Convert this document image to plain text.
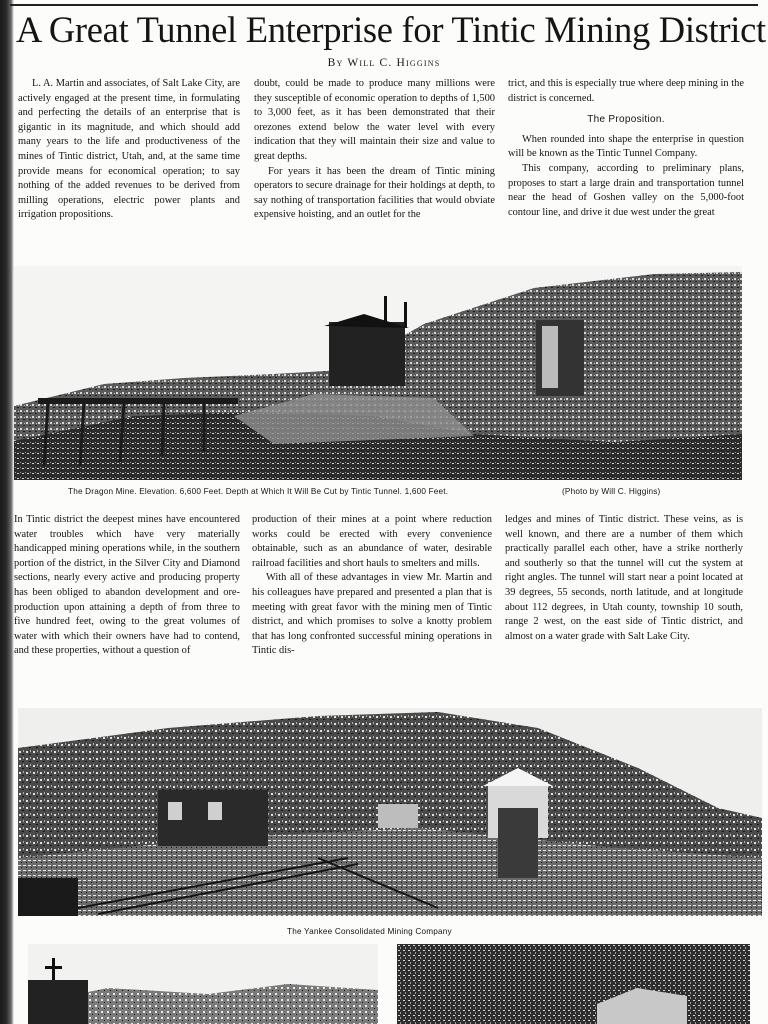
A Great Tunnel Enterprise for Tintic Mining District
By Will C. Higgins

L. A. Martin and associates, of Salt Lake City, are actively engaged at the present time, in formulating and perfecting the details of an enterprise that is gigantic in its magnitude, and which should add many years to the life and productiveness of the mines of Tintic district, Utah, and, at the same time provide means for economical operation; to say nothing of the added revenues to be derived from milling operations, electric power plants and irrigation propositions.

doubt, could be made to produce many millions were they susceptible of economic operation to depths of 1,500 to 3,000 feet, as it has been demonstrated that their orezones extend below the water level with every indication that they will maintain their size and value to great depths.

For years it has been the dream of Tintic mining operators to secure drainage for their holdings at depth, to say nothing of transportation facilities that would obviate expensive hoisting, and an outlet for the

trict, and this is especially true where deep mining in the district is concerned.

The Proposition.

When rounded into shape the enterprise in question will be known as the Tintic Tunnel Company.

This company, according to preliminary plans, proposes to start a large drain and transportation tunnel near the head of Goshen valley on the 5,000-foot contour line, and drive it due west under the great

The Dragon Mine. Elevation. 6,600 Feet. Depth at Which It Will Be Cut by Tintic Tunnel. 1,600 Feet.	(Photo by Will C. Higgins)

In Tintic district the deepest mines have encountered water troubles which have very materially handicapped mining operations while, in the southern portion of the district, in the Silver City and Diamond sections, nearly every active and producing property has been obliged to abandon development and ore-production upon attaining a depth of from three to five hundred feet, owing to the great volumes of water with which their owners have had to contend, and these properties, without a question of

production of their mines at a point where reduction works could be erected with every convenience obtainable, such as an abundance of water, desirable railroad facilities and short hauls to smelters and mills.

With all of these advantages in view Mr. Martin and his colleagues have prepared and presented a plan that is meeting with great favor with the mining men of Tintic district, and which promises to solve a knotty problem that has long confronted successful mining operations in Tintic dis-

ledges and mines of Tintic district. These veins, as is well known, and there are a number of them which practically parallel each other, have a strike northerly and southerly so that the tunnel will cut the system at right angles. The tunnel will start near a point located at 39 degrees, 55 seconds, north latitude, and at longitude about 112 degrees, in Utah county, township 10 south, range 2 west, on the east side of Tintic district, and almost on a water grade with Salt Lake City.

The Yankee Consolidated Mining Company
